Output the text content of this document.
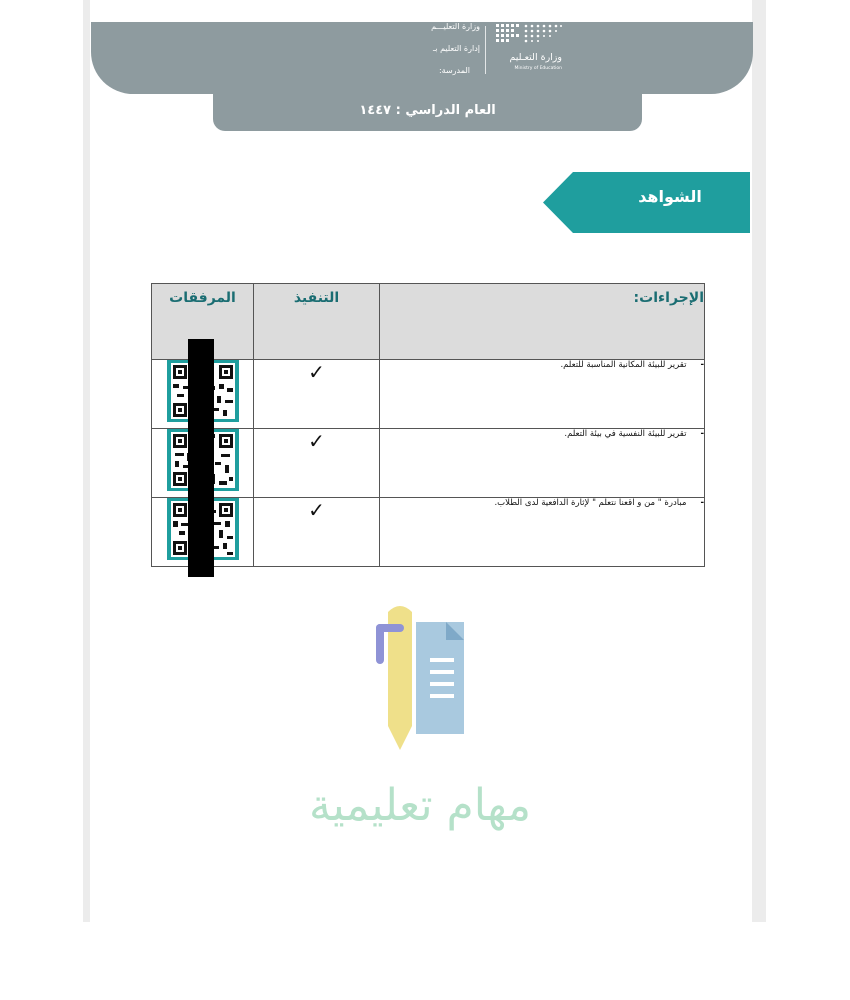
وزارة التعليـــم
إدارة التعليم بـ
المدرسة:
وزارة التعـليم
Ministry of Education
العام الدراسي : ١٤٤٧
الشواهد
المرفقات	التنفيذ	الإجراءات:

	✓	-تقرير للبيئة المكانية المناسبة للتعلم.

	✓	-تقرير للبيئة النفسية في بيئة التعلم.

	✓	-مبادرة " من و اقعنا نتعلم " لإثارة الدافعية لدى الطلاب.
مهام تعليمية
